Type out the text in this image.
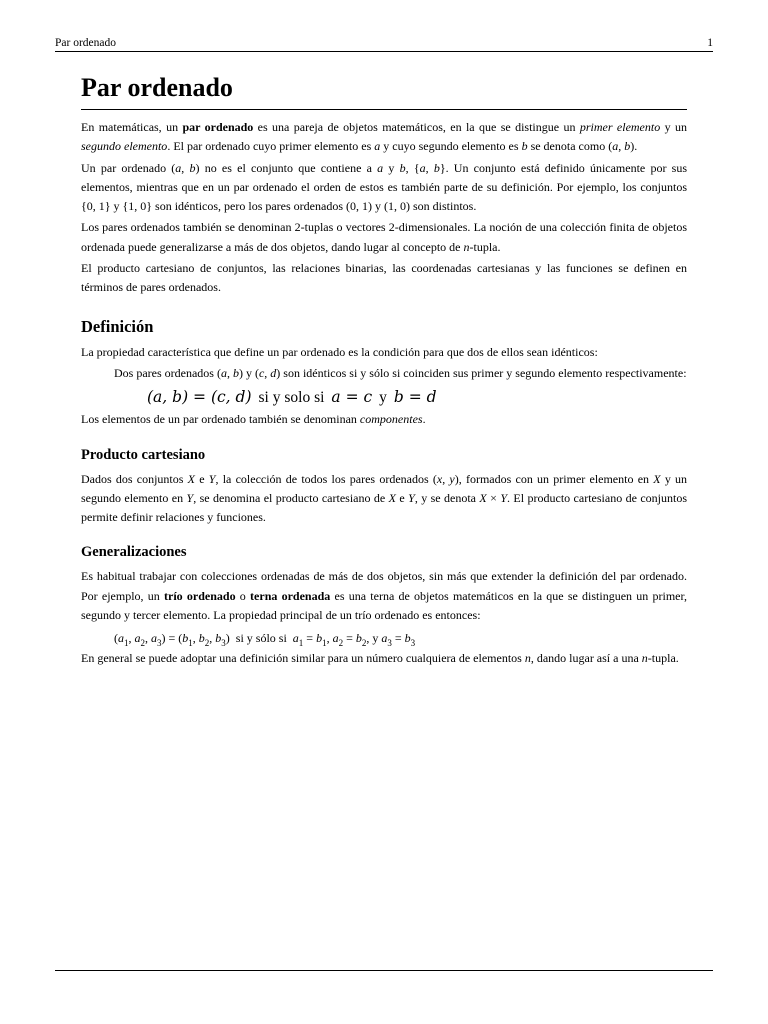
Par ordenado	1
Par ordenado

En matemáticas, un par ordenado es una pareja de objetos matemáticos, en la que se distingue un primer elemento y un segundo elemento. El par ordenado cuyo primer elemento es a y cuyo segundo elemento es b se denota como (a, b).

Un par ordenado (a, b) no es el conjunto que contiene a a y b, {a, b}. Un conjunto está definido únicamente por sus elementos, mientras que en un par ordenado el orden de estos es también parte de su definición. Por ejemplo, los conjuntos {0, 1} y {1, 0} son idénticos, pero los pares ordenados (0, 1) y (1, 0) son distintos.

Los pares ordenados también se denominan 2-tuplas o vectores 2-dimensionales. La noción de una colección finita de objetos ordenada puede generalizarse a más de dos objetos, dando lugar al concepto de n-tupla.

El producto cartesiano de conjuntos, las relaciones binarias, las coordenadas cartesianas y las funciones se definen en términos de pares ordenados.

Definición

La propiedad característica que define un par ordenado es la condición para que dos de ellos sean idénticos:

Dos pares ordenados (a, b) y (c, d) son idénticos si y sólo si coinciden sus primer y segundo elemento respectivamente:

(a, b) = (c, d) si y solo si a = c y b = d

Los elementos de un par ordenado también se denominan componentes.

Producto cartesiano

Dados dos conjuntos X e Y, la colección de todos los pares ordenados (x, y), formados con un primer elemento en X y un segundo elemento en Y, se denomina el producto cartesiano de X e Y, y se denota X × Y. El producto cartesiano de conjuntos permite definir relaciones y funciones.

Generalizaciones

Es habitual trabajar con colecciones ordenadas de más de dos objetos, sin más que extender la definición del par ordenado. Por ejemplo, un trío ordenado o terna ordenada es una terna de objetos matemáticos en la que se distinguen un primer, segundo y tercer elemento. La propiedad principal de un trío ordenado es entonces:

($a_1$, $a_2$, $a_3) = (b_1$, $b_2$, $b_3$) si y sólo si $a_1 = b_1$, $a_2 = b_2$, y $a_3 = b_3$

En general se puede adoptar una definición similar para un número cualquiera de elementos n, dando lugar así a una n-tupla.
